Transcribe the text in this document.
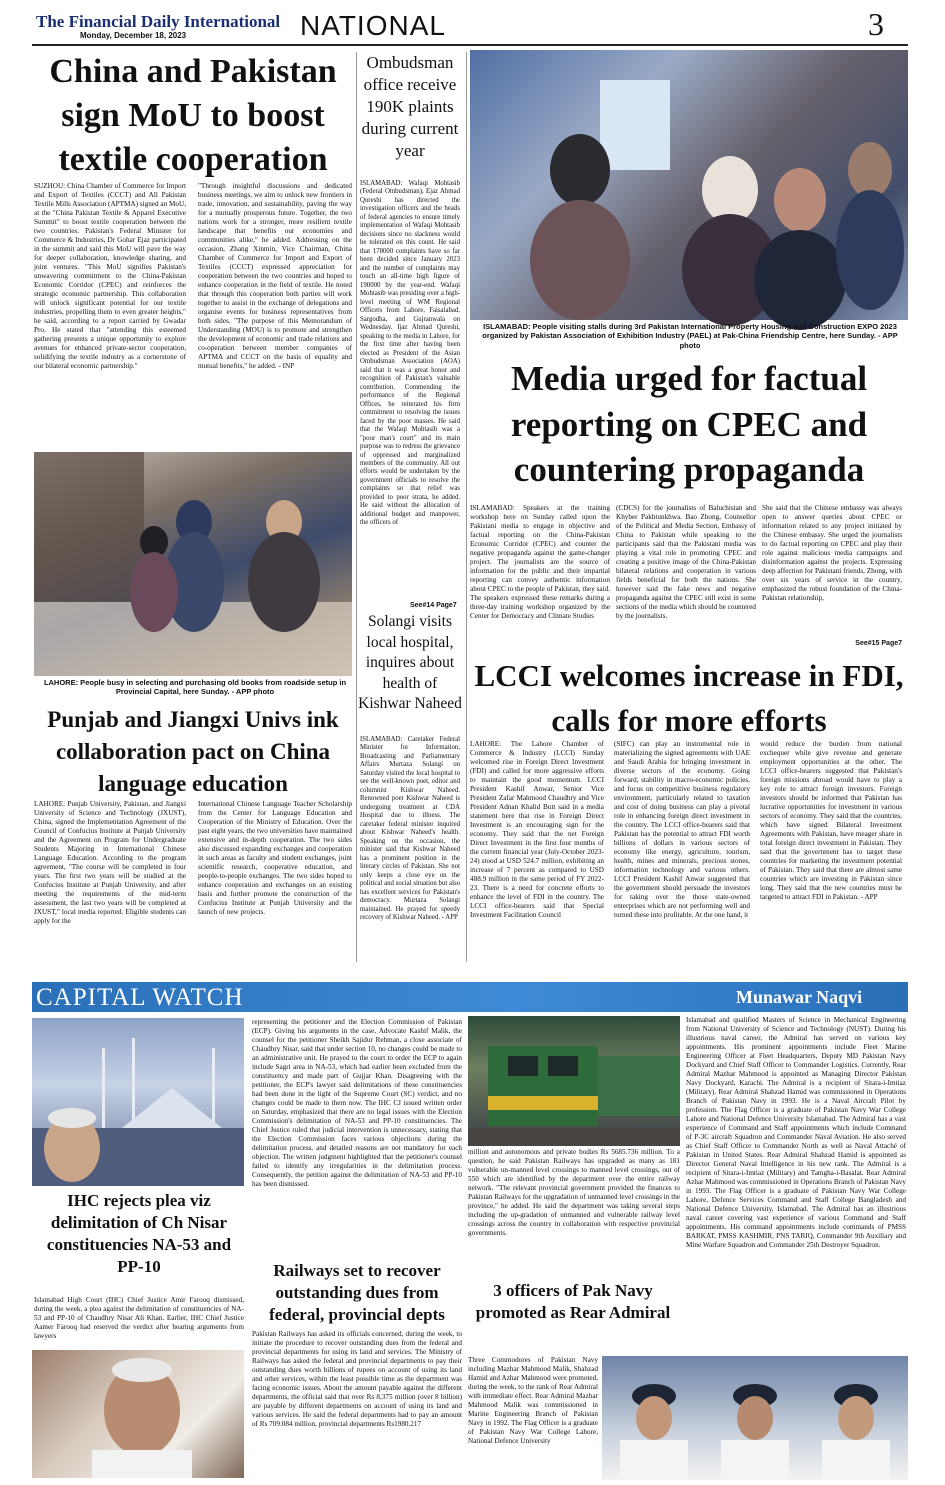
The Financial Daily International
Monday, December 18, 2023	NATIONAL	3
China and Pakistan sign MoU to boost textile cooperation
SUZHOU: China Chamber of Commerce for Import and Export of Textiles (CCCT) and All Pakistan Textile Mills Association (APTMA) signed an MoU, at the "China Pakistan Textile & Apparel Executive Summit" to boost textile cooperation between the two countries. Pakistan's Federal Minister for Commerce & Industries, Dr Gohar Ejaz participated in the summit and said this MoU will pave the way for deeper collaboration, knowledge sharing, and joint ventures. "This MoU signifies Pakistan's unwavering commitment to the China-Pakistan Economic Corridor (CPEC) and reinforces the strategic economic partnership. This collaboration will unlock significant potential for our textile industries, propelling them to even greater heights," he said, according to a report carried by Gwadar Pro. He stated that "attending this esteemed gathering presents a unique opportunity to explore avenues for enhanced private-sector cooperation, solidifying the textile industry as a cornerstone of our bilateral economic partnership."
"Through insightful discussions and dedicated business meetings, we aim to unlock new frontiers in trade, innovation, and sustainability, paving the way for a mutually prosperous future. Together, the two nations work for a stronger, more resilient textile landscape that benefits our economies and communities alike," he added. Addressing on the occasion, Zhang Xinmin, Vice Chairman, China Chamber of Commerce for Import and Export of Textiles (CCCT) expressed appreciation for cooperation between the two countries and hoped to enhance cooperation in the field of textile. He noted that through this cooperation both parties will work together to assist in the exchange of delegations and organise events for business representatives from both sides. "The purpose of this Memorandum of Understanding (MOU) is to promote and strengthen the development of economic and trade relations and co-operation between member companies of APTMA and CCCT on the basis of equality and mutual benefits," he added. - INP
Ombudsman office receive 190K plaints during current year
ISLAMABAD: Wafaqi Mohtasib (Federal Ombudsman), Ejaz Ahmad Qureshi has directed the investigation officers and the heads of federal agencies to ensure timely implementation of Wafaqi Mohtasib decisions since no slackness would be tolerated on this count. He said that 178000 complaints have so far been decided since January 2023 and the number of complaints may touch an all-time high figure of 190000 by the year-end. Wafaqi Mohtasib was presiding over a high-level meeting of WM Regional Officers from Lahore, Faisalabad, Sargodha, and Gujranwala on Wednesday. Ijaz Ahmad Qureshi, speaking to the media in Lahore, for the first time after having been elected as President of the Asian Ombudsman Association (AOA) said that it was a great honor and recognition of Pakistan's valuable contribution. Commending the performance of the Regional Offices, he reiterated his firm commitment to resolving the issues faced by the poor masses. He said that the Wafaqi Mohtasib was a "poor man's court" and its main purpose was to redress the grievance of oppressed and marginalized members of the community. All out efforts would be undertaken by the government officials to resolve the complaints so that relief was provided to poor strata, he added. He said without the allocation of additional budget and manpower, the officers of
See#14 Page7
ISLAMABAD: People visiting stalls during 3rd Pakistan International Property Housing and Construction EXPO 2023 organized by Pakistan Association of Exhibition Industry (PAEL) at Pak-China Friendship Centre, here Sunday. - APP photo
Media urged for factual reporting on CPEC and countering propaganda
ISLAMABAD: Speakers at the training workshop here on Sunday called upon the Pakistani media to engage in objective and factual reporting on the China-Pakistan Economic Corridor (CPEC) and counter the negative propaganda against the game-changer project. The journalists are the source of information for the public and their impartial reporting can convey authentic information about CPEC to the people of Pakistan, they said. The speakers expressed these remarks during a three-day training workshop organized by the Center for Democracy and Climate Studies
(CDCS) for the journalists of Baluchistan and Khyber Pakhtunkhwa. Bao Zhong, Counsellor of the Political and Media Section, Embassy of China to Pakistan while speaking to the participants said that the Pakistani media was playing a vital role in promoting CPEC and creating a positive image of the China-Pakistan bilateral relations and cooperation in various fields beneficial for both the nations. She however said the fake news and negative propaganda against the CPEC still exist in some sections of the media which should be countered by the journalists.
She said that the Chinese embassy was always open to answer queries about CPEC or information related to any project initiated by the Chinese embassy. She urged the journalists to do factual reporting on CPEC and play their role against malicious media campaigns and disinformation against the projects. Expressing deep affection for Pakistani friends, Zhong, with over six years of service in the country, emphasized the robust foundation of the China-Pakistan relationship,
See#15 Page7
LAHORE: People busy in selecting and purchasing old books from roadside setup in Provincial Capital, here Sunday. - APP photo
Solangi visits local hospital, inquires about health of Kishwar Naheed
ISLAMABAD: Caretaker Federal Minister for Information, Broadcasting and Parliamentary Affairs Murtaza Solangi on Saturday visited the local hospital to see the well-known poet, editor and columnist Kishwar Naheed. Renowned poet Kishwar Naheed is undergoing treatment at CDA Hospital due to illness. The caretaker federal minister inquired about Kishwar Naheed's health. Speaking on the occasion, the minister said that Kishwar Naheed has a prominent position in the literary circles of Pakistan. She not only keeps a close eye on the political and social situation but also has excellent services for Pakistan's democracy. Murtaza Solangi maintained. He prayed for speedy recovery of Kishwar Naheed. - APP
Punjab and Jiangxi Univs ink collaboration pact on China language education
LAHORE: Punjab University, Pakistan, and Jiangxi University of Science and Technology (JXUST), China, signed the Implementation Agreement of the Council of Confucius Institute at Punjab University and the Agreement on Program for Undergraduate Students Majoring in International Chinese Language Education. According to the program agreement, "The course will be completed in four years. The first two years will be studied at the Confucius Institute at Punjab University, and after meeting the requirements of the mid-term assessment, the last two years will be completed at JXUST," local media reported. Eligible students can apply for the
International Chinese Language Teacher Scholarship from the Center for Language Education and Cooperation of the Ministry of Education. Over the past eight years, the two universities have maintained extensive and in-depth cooperation. The two sides also discussed expanding exchanges and cooperation in such areas as faculty and student exchanges, joint scientific research, cooperative education, and people-to-people exchanges. The two sides hoped to enhance cooperation and exchanges on an existing basis and further promote the construction of the Confucius Institute at Punjab University and the launch of new projects.
LCCI welcomes increase in FDI, calls for more efforts
LAHORE: The Lahore Chamber of Commerce & Industry (LCCI) Sunday welcomed rise in Foreign Direct Investment (FDI) and called for more aggressive efforts to maintain the good momentum. LCCI President Kashif Anwar, Senior Vice President Zafar Mahmood Chaudhry and Vice President Adnan Khalid Butt said in a media statement here that rise in Foreign Direct Investment is an encouraging sign for the economy. They said that the net Foreign Direct Investment in the first four months of the current financial year (July-October 2023-24) stood at USD 524.7 million, exhibiting an increase of 7 percent as compared to USD 488.9 million in the same period of FY 2022-23. There is a need for concrete efforts to enhance the level of FDI in the country. The LCCI office-bearers said that Special Investment Facilitation Council
(SIFC) can play an instrumental role in materializing the signed agreements with UAE and Saudi Arabia for bringing investment in diverse sectors of the economy. Going forward, stability in macro-economic policies, and focus on competitive business regulatory environment, particularly related to taxation and cost of doing business can play a pivotal role in enhancing foreign direct investment in the country. The LCCI office-bearers said that Pakistan has the potential to attract FDI worth billions of dollars in various sectors of economy like energy, agriculture, tourism, health, mines and minerals, precious stones, information technology and various others. LCCI President Kashif Anwar suggested that the government should persuade the investors for taking over the those state-owned enterprises which are not performing well and turned these into profitable. At the one hand, it
would reduce the burden from national exchequer while give revenue and generate employment opportunities at the other. The LCCI office-bearers suggested that Pakistan's foreign missions abroad would have to play a key role to attract foreign investors. Foreign investors should be informed that Pakistan has lucrative opportunities for investment in various sectors of economy. They said that the countries, which have signed Bilateral Investment Agreements with Pakistan, have meager share in total foreign direct investment in Pakistan. They said that the government has to target these countries for marketing the investment potential of Pakistan. They said that there are almost same countries which are investing in Pakistan since long. They said that the new countries must be targeted to attract FDI in Pakistan. - APP
CAPITAL WATCH	Munawar Naqvi
IHC rejects plea viz delimitation of Ch Nisar constituencies NA-53 and PP-10
Islamabad High Court (IHC) Chief Justice Amir Farooq dismissed, during the week, a plea against the delimitation of constituencies of NA-53 and PP-10 of Chaudhry Nisar Ali Khan. Earlier, IHC Chief Justice Aamer Farooq had reserved the verdict after hearing arguments from lawyers
representing the petitioner and the Election Commission of Pakistan (ECP). Giving his arguments in the case, Advocate Kashif Malik, the counsel for the petitioner Sheikh Sajidur Rehman, a close associate of Chaudhry Nisar, said that under section 10, no changes could be made to an administrative unit. He prayed to the court to order the ECP to again include Sagri area in NA-53, which had earlier been excluded from the constituency and made part of Gujjar Khan. Disagreeing with the petitioner, the ECP's lawyer said delimitations of these constituencies had been done in the light of the Supreme Court (SC) verdict, and no changes could be made to them now. The IHC CJ issued written order on Saturday, emphasized that there are no legal issues with the Election Commission's delimitation of NA-53 and PP-10 constituencies. The Chief Justice ruled that judicial intervention is unnecessary, stating that the Election Commission faces various objections during the delimitation process, and detailed reasons are not mandatory for each objection. The written judgment highlighted that the petitioner's counsel failed to identify any irregularities in the delimitation process. Consequently, the petition against the delimitation of NA-53 and PP-10 has been dismissed.
Railways set to recover outstanding dues from federal, provincial depts
Pakistan Railways has asked its officials concerned, during the week, to initiate the procedure to recover outstanding dues from the federal and provincial departments for using its land and services. The Ministry of Railways has asked the federal and provincial departments to pay their outstanding dues worth billions of rupees on account of using its land and other services, within the least possible time as the department was facing economic issues. About the amount payable against the different departments, the official said that over Rs 8,375 million (over 8 billion) are payable by different departments on account of using its land and various services. He said the federal departments had to pay an amount of Rs 709.084 million, provincial departments Rs1980.217
million and autonomous and private bodies Rs 5685.736 million. To a question, he said Pakistan Railways has upgraded as many as 181 vulnerable un-manned level crossings to manned level crossings, out of 550 which are identified by the department over the entire railway network. "The relevant provincial government provided the finances to Pakistan Railways for the upgradation of unmanned level crossings in the province," he added. He said the department was taking several steps including the up-gradation of unmanned and vulnerable railway level crossings across the country in collaboration with respective provincial governments.
3 officers of Pak Navy promoted as Rear Admiral
Three Commodores of Pakistan Navy including Mazhar Mahmood Malik, Shahzad Hamid and Azhar Mahmood were promoted, during the week, to the rank of Rear Admiral with immediate effect. Rear Admiral Mazhar Mahmood Malik was commissioned in Marine Engineering Branch of Pakistan Navy in 1992. The Flag Officer is a graduate of Pakistan Navy War College Lahore, National Defence University
Islamabad and qualified Masters of Science in Mechanical Engineering from National University of Science and Technology (NUST). During his illustrious naval career, the Admiral has served on various key appointments. His prominent appointments include Fleet Marine Engineering Officer at Fleet Headquarters, Deputy MD Pakistan Navy Dockyard and Chief Staff Officer to Commander Logistics. Currently, Rear Admiral Mazhar Mahmood is appointed as Managing Director Pakistan Navy Dockyard, Karachi. The Admiral is a recipient of Sitara-i-Imtiaz (Military). Rear Admiral Shahzad Hamid was commissioned in Operations Branch of Pakistan Navy in 1993. He is a Naval Aircraft Pilot by profession. The Flag Officer is a graduate of Pakistan Navy War College Lahore and National Defence University Islamabad. The Admiral has a vast experience of Command and Staff appointments which include Command of P-3C aircraft Squadron and Commander Naval Aviation. He also served as Chief Staff Officer to Commander North as well as Naval Attaché of Pakistan in United States. Rear Admiral Shahzad Hamid is appointed as Director General Naval Intelligence in his new rank. The Admiral is a recipient of Sitara-i-Imtiaz (Military) and Tamgha-i-Basalat. Rear Admiral Azhar Mahmood was commissioned in Operations Branch of Pakistan Navy in 1993. The Flag Officer is a graduate of Pakistan Navy War College Lahore, Defence Services Command and Staff College Bangladesh and National Defence University, Islamabad. The Admiral has an illustrious naval career covering vast experience of various Command and Staff appointments. His command appointments include commands of PMSS BARKAT, PMSS KASHMIR, PNS TARIQ, Commander 9th Auxiliary and Mine Warfare Squadron and Commander 25th Destroyer Squadron.
